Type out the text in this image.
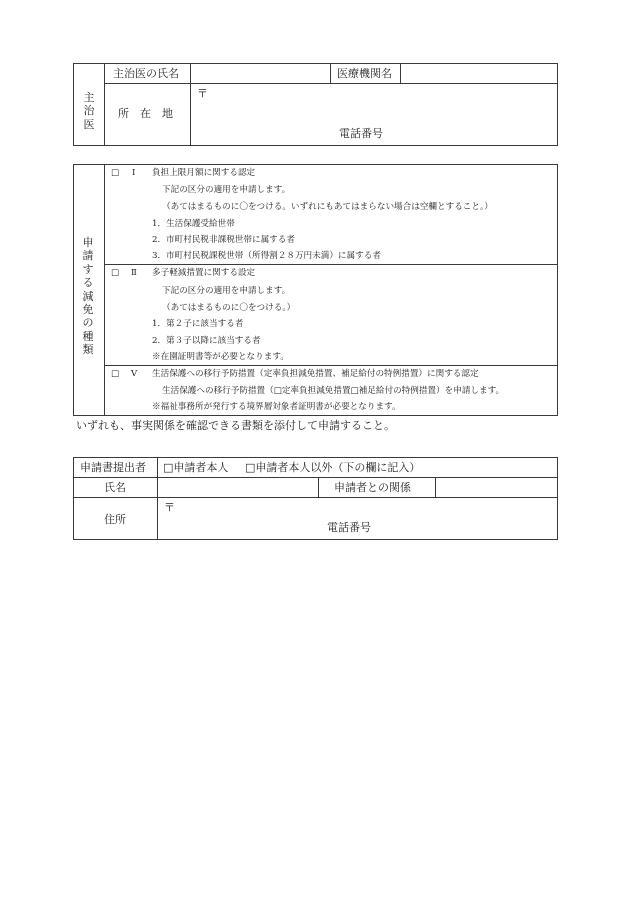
主
治
医
主治医の氏名	医療機関名
所　在　地
〒
電話番号
申
請
す
る
減
免
の
種
類
□ Ⅰ 負担上限月額に関する認定
下記の区分の適用を申請します。
（あてはまるものに〇をつける。いずれにもあてはまらない場合は空欄とすること。）
1．生活保護受給世帯
2．市町村民税非課税世帯に属する者
3．市町村民税課税世帯（所得割２８万円未満）に属する者
□ Ⅱ 多子軽減措置に関する設定
下記の区分の適用を申請します。
（あてはまるものに〇をつける。）
1．第２子に該当する者
2．第３子以降に該当する者
※在園証明書等が必要となります。
□ Ⅴ 生活保護への移行予防措置（定率負担減免措置、補足給付の特例措置）に関する認定
生活保護への移行予防措置（□定率負担減免措置□補足給付の特例措置）を申請します。
※福祉事務所が発行する境界層対象者証明書が必要となります。
いずれも、事実関係を確認できる書類を添付して申請すること。
申請書提出者 □申請者本人 □申請者本人以外（下の欄に記入）
氏名	申請者との関係
住所
〒
電話番号
